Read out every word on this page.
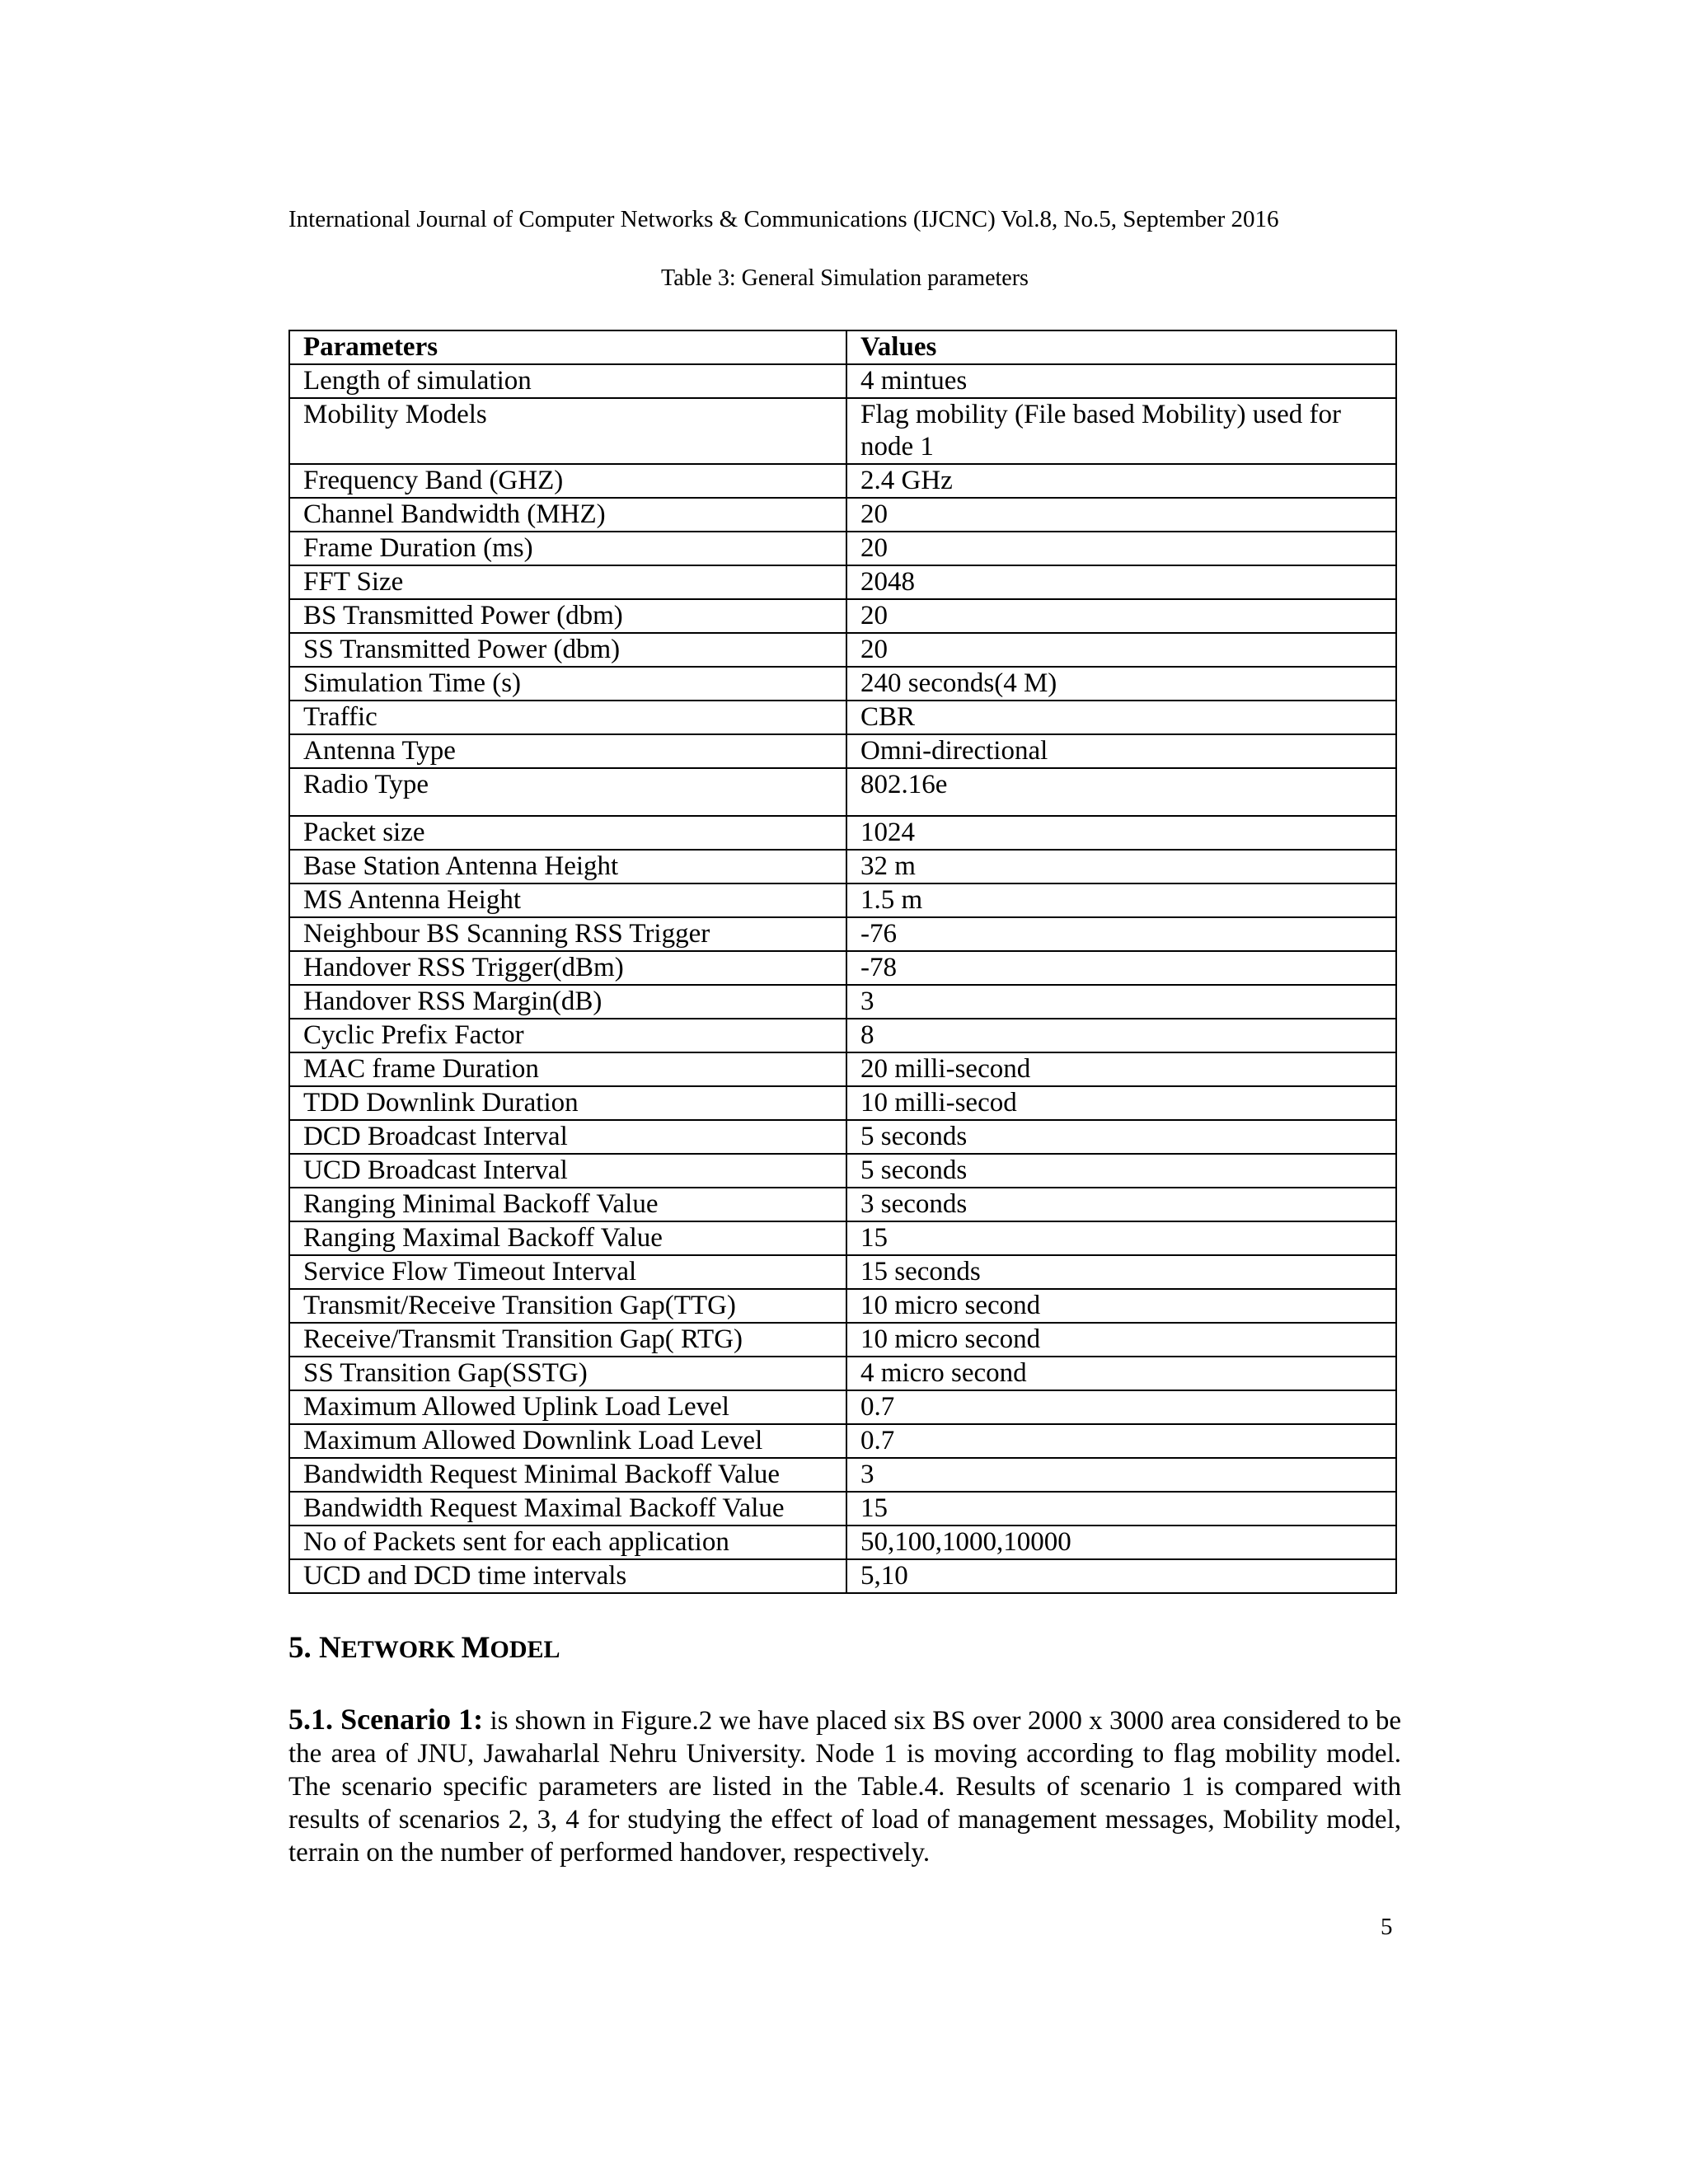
International Journal of Computer Networks & Communications (IJCNC) Vol.8, No.5, September 2016
Table 3: General Simulation parameters
Parameters	Values
Length of simulation	4 mintues
Mobility Models	Flag mobility (File based Mobility) used for node 1
Frequency Band (GHZ)	2.4 GHz
Channel Bandwidth (MHZ)	20
Frame Duration (ms)	20
FFT Size	2048
BS Transmitted Power (dbm)	20
SS Transmitted Power (dbm)	20
Simulation Time (s)	240 seconds(4 M)
Traffic	CBR
Antenna Type	Omni-directional
Radio Type	802.16e
Packet size	1024
Base Station Antenna Height	32 m
MS Antenna Height	1.5 m
Neighbour BS Scanning RSS Trigger	-76
Handover RSS Trigger(dBm)	-78
Handover RSS Margin(dB)	3
Cyclic Prefix Factor	8
MAC frame Duration	20 milli-second
TDD Downlink Duration	10 milli-secod
DCD Broadcast Interval	5 seconds
UCD Broadcast Interval	5 seconds
Ranging Minimal Backoff Value	3 seconds
Ranging Maximal Backoff Value	15
Service Flow Timeout Interval	15 seconds
Transmit/Receive Transition Gap(TTG)	10 micro second
Receive/Transmit Transition Gap( RTG)	10 micro second
SS Transition Gap(SSTG)	4 micro second
Maximum Allowed Uplink Load Level	0.7
Maximum Allowed Downlink Load Level	0.7
Bandwidth Request Minimal Backoff Value	3
Bandwidth Request Maximal Backoff Value	15
No of Packets sent for each application	50,100,1000,10000
UCD and DCD time intervals	5,10
5. NETWORK MODEL
5.1. Scenario 1: is shown in Figure.2 we have placed six BS over 2000 x 3000 area considered to be the area of JNU, Jawaharlal Nehru University. Node 1 is moving according to flag mobility model. The scenario specific parameters are listed in the Table.4. Results of scenario 1 is compared with results of scenarios 2, 3, 4 for studying the effect of load of management messages, Mobility model, terrain on the number of performed handover, respectively.
5
